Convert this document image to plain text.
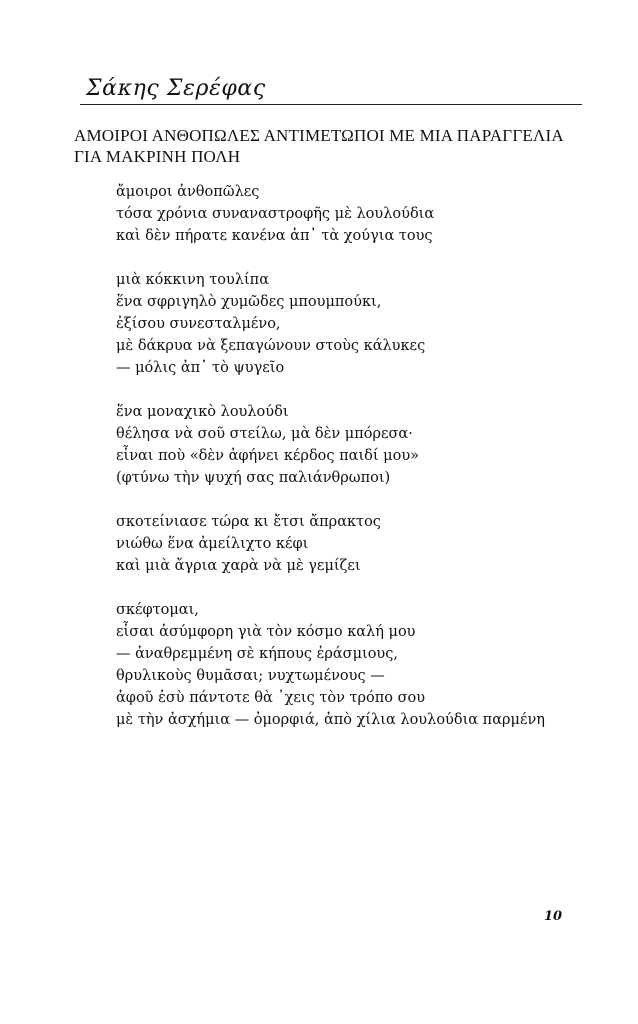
Σάκης Σερέφας
ΑΜΟΙΡΟΙ ΑΝΘΟΠΩΛΕΣ ΑΝΤΙΜΕΤΩΠΟΙ ΜΕ ΜΙΑ ΠΑΡΑΓΓΕΛΙΑ
ΓΙΑ ΜΑΚΡΙΝΗ ΠΟΛΗ
ἄμοιροι ἀνθοπῶλες
τόσα χρόνια συναναστροφῆς μὲ λουλούδια
καὶ δὲν πήρατε κανένα ἀπ᾿ τὰ χούγια τους
μιὰ κόκκινη τουλίπα
ἕνα σφριγηλὸ χυμῶδες μπουμπούκι,
ἐξίσου συνεσταλμένο,
μὲ δάκρυα νὰ ξεπαγώνουν στοὺς κάλυκες
— μόλις ἀπ᾿ τὸ ψυγεῖο
ἕνα μοναχικὸ λουλούδι
θέλησα νὰ σοῦ στείλω, μὰ δὲν μπόρεσα·
εἶναι ποὺ «δὲν ἀφήνει κέρδος παιδί μου»
(φτύνω τὴν ψυχή σας παλιάνθρωποι)
σκοτείνιασε τώρα κι ἔτσι ἄπρακτος
νιώθω ἕνα ἀμείλιχτο κέφι
καὶ μιὰ ἄγρια χαρὰ νὰ μὲ γεμίζει
σκέφτομαι,
εἶσαι ἀσύμφορη γιὰ τὸν κόσμο καλή μου
— ἀναθρεμμένη σὲ κήπους ἐράσμιους,
θρυλικοὺς θυμᾶσαι; νυχτωμένους —
ἀφοῦ ἐσὺ πάντοτε θὰ ᾿χεις τὸν τρόπο σου
μὲ τὴν ἀσχήμια — ὀμορφιά, ἀπὸ χίλια λουλούδια παρμένη
10
